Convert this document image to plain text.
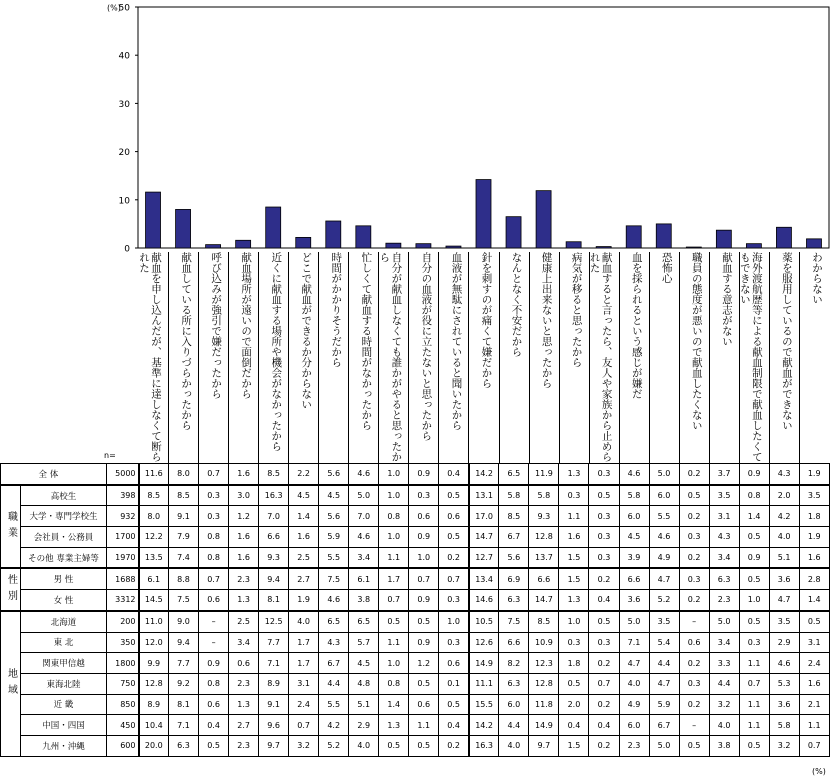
0
10
20
30
40
50
(%)
献血を申し込んだが、基準に達しなくて断られた	献血している所に入りづらかったから	呼び込みが強引で嫌だったから	献血場所が遠いので面倒だから	近くに献血する場所や機会がなかったから	どこで献血ができるか分からない	時間がかかりそうだから	忙しくて献血する時間がなかったから	自分が献血しなくても誰かがやると思ったから	自分の血液が役に立たないと思ったから	血液が無駄にされていると聞いたから	針を刺すのが痛くて嫌だから	なんとなく不安だから	健康上出来ないと思ったから	病気が移ると思ったから	献血すると言ったら、友人や家族から止められた	血を採られるという感じが嫌だ	恐怖心	職員の態度が悪いので献血したくない	献血する意志がない	海外渡航歴等による献血制限で献血したくてもできない	薬を服用しているので献血ができない	わからない
n=
	全 体	5000	11.6	8.0	0.7	1.6	8.5	2.2	5.6	4.6	1.0	0.9	0.4	14.2	6.5	11.9	1.3	0.3	4.6	5.0	0.2	3.7	0.9	4.3	1.9
職業	高校生	398	8.5	8.5	0.3	3.0	16.3	4.5	4.5	5.0	1.0	0.3	0.5	13.1	5.8	5.8	0.3	0.5	5.8	6.0	0.5	3.5	0.8	2.0	3.5
	大学・専門学校生	932	8.0	9.1	0.3	1.2	7.0	1.4	5.6	7.0	0.8	0.6	0.6	17.0	8.5	9.3	1.1	0.3	6.0	5.5	0.2	3.1	1.4	4.2	1.8
	会社員・公務員	1700	12.2	7.9	0.8	1.6	6.6	1.6	5.9	4.6	1.0	0.9	0.5	14.7	6.7	12.8	1.6	0.3	4.5	4.6	0.3	4.3	0.5	4.0	1.9
	その他 専業主婦等	1970	13.5	7.4	0.8	1.6	9.3	2.5	5.5	3.4	1.1	1.0	0.2	12.7	5.6	13.7	1.5	0.3	3.9	4.9	0.2	3.4	0.9	5.1	1.6
性別	男 性	1688	6.1	8.8	0.7	2.3	9.4	2.7	7.5	6.1	1.7	0.7	0.7	13.4	6.9	6.6	1.5	0.2	6.6	4.7	0.3	6.3	0.5	3.6	2.8
	女 性	3312	14.5	7.5	0.6	1.3	8.1	1.9	4.6	3.8	0.7	0.9	0.3	14.6	6.3	14.7	1.3	0.4	3.6	5.2	0.2	2.3	1.0	4.7	1.4
地域	北海道	200	11.0	9.0	–	2.5	12.5	4.0	6.5	6.5	0.5	0.5	1.0	10.5	7.5	8.5	1.0	0.5	5.0	3.5	–	5.0	0.5	3.5	0.5
	東 北	350	12.0	9.4	–	3.4	7.7	1.7	4.3	5.7	1.1	0.9	0.3	12.6	6.6	10.9	0.3	0.3	7.1	5.4	0.6	3.4	0.3	2.9	3.1
	関東甲信越	1800	9.9	7.7	0.9	0.6	7.1	1.7	6.7	4.5	1.0	1.2	0.6	14.9	8.2	12.3	1.8	0.2	4.7	4.4	0.2	3.3	1.1	4.6	2.4
	東海北陸	750	12.8	9.2	0.8	2.3	8.9	3.1	4.4	4.8	0.8	0.5	0.1	11.1	6.3	12.8	0.5	0.7	4.0	4.7	0.3	4.4	0.7	5.3	1.6
	近 畿	850	8.9	8.1	0.6	1.3	9.1	2.4	5.5	5.1	1.4	0.6	0.5	15.5	6.0	11.8	2.0	0.2	4.9	5.9	0.2	3.2	1.1	3.6	2.1
	中国・四国	450	10.4	7.1	0.4	2.7	9.6	0.7	4.2	2.9	1.3	1.1	0.4	14.2	4.4	14.9	0.4	0.4	6.0	6.7	–	4.0	1.1	5.8	1.1
	九州・沖縄	600	20.0	6.3	0.5	2.3	9.7	3.2	5.2	4.0	0.5	0.5	0.2	16.3	4.0	9.7	1.5	0.2	2.3	5.0	0.5	3.8	0.5	3.2	0.7
(%)
